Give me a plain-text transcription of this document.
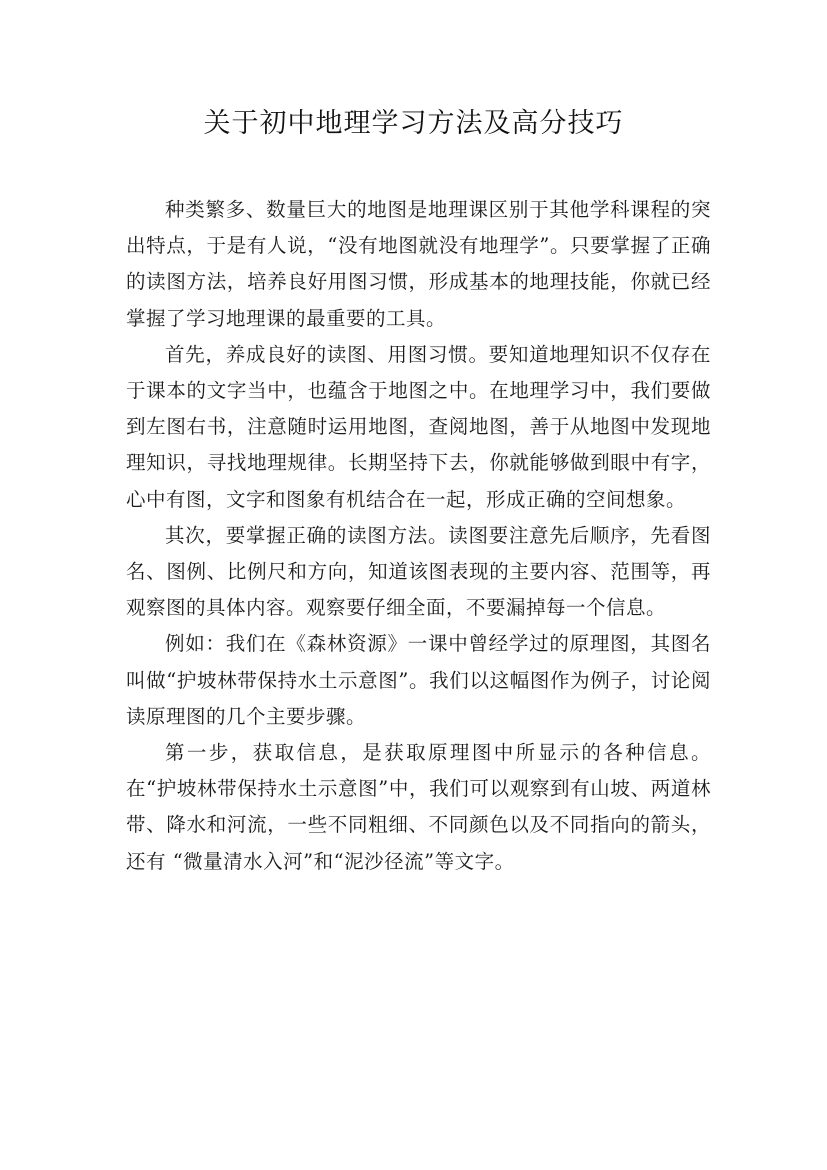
关于初中地理学习方法及高分技巧

种类繁多、数量巨大的地图是地理课区别于其他学科课程的突出特点，于是有人说，“没有地图就没有地理学”。只要掌握了正确的读图方法，培养良好用图习惯，形成基本的地理技能，你就已经掌握了学习地理课的最重要的工具。

首先，养成良好的读图、用图习惯。要知道地理知识不仅存在于课本的文字当中，也蕴含于地图之中。在地理学习中，我们要做到左图右书，注意随时运用地图，查阅地图，善于从地图中发现地理知识，寻找地理规律。长期坚持下去，你就能够做到眼中有字，心中有图，文字和图象有机结合在一起，形成正确的空间想象。

其次，要掌握正确的读图方法。读图要注意先后顺序，先看图名、图例、比例尺和方向，知道该图表现的主要内容、范围等，再观察图的具体内容。观察要仔细全面，不要漏掉每一个信息。

例如：我们在《森林资源》一课中曾经学过的原理图，其图名叫做“护坡林带保持水土示意图”。我们以这幅图作为例子，讨论阅读原理图的几个主要步骤。

第一步，获取信息，是获取原理图中所显示的各种信息。在“护坡林带保持水土示意图”中，我们可以观察到有山坡、两道林带、降水和河流，一些不同粗细、不同颜色以及不同指向的箭头，还有 “微量清水入河”和“泥沙径流”等文字。
